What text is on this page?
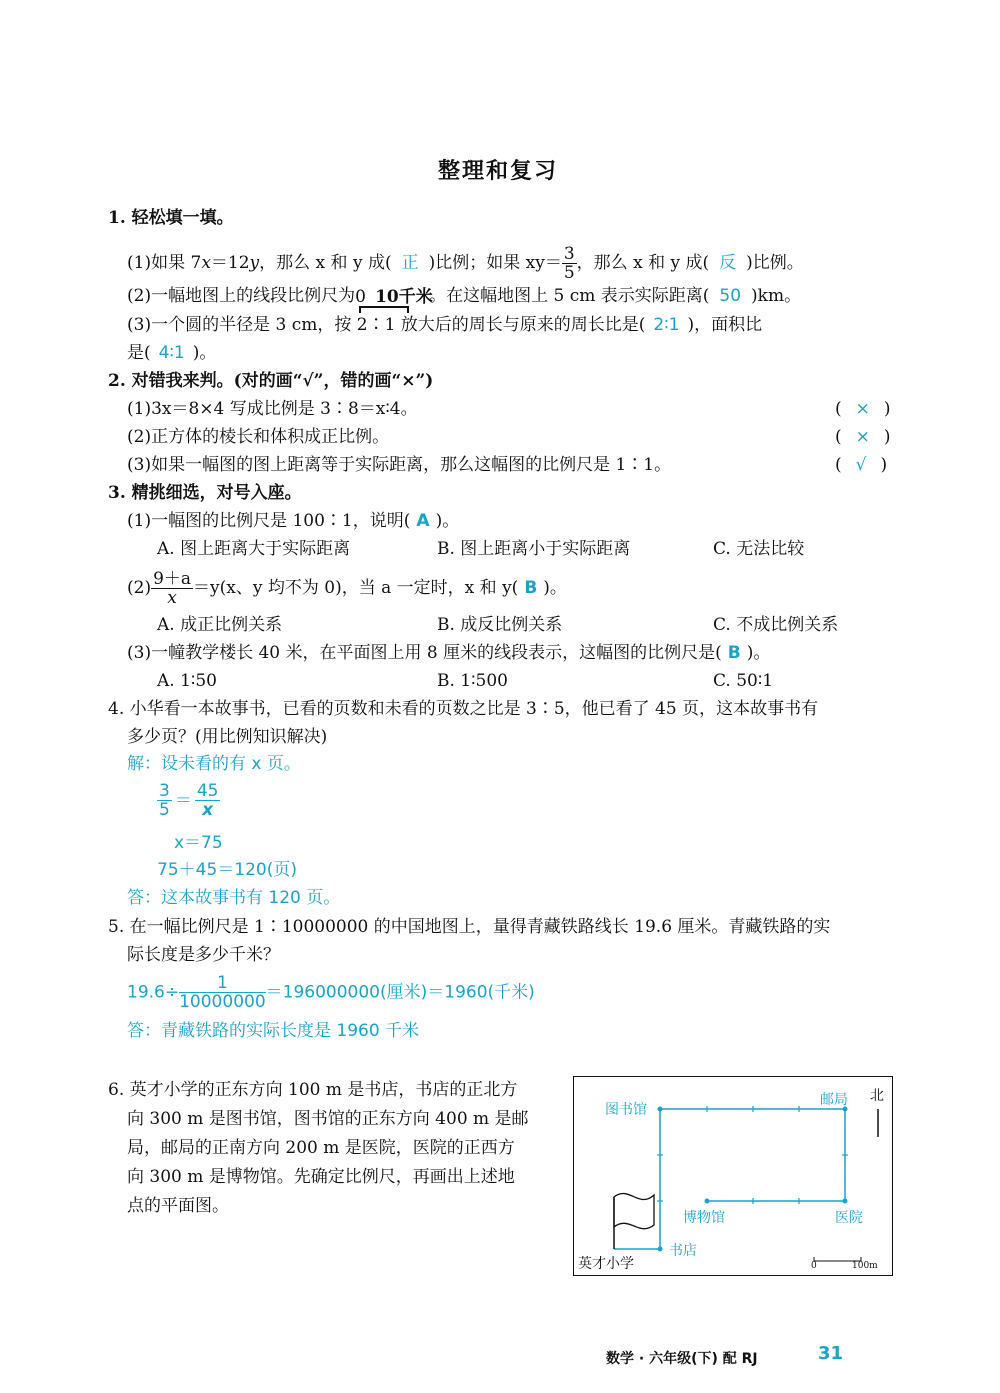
整理和复习
1. 轻松填一填。
(1)如果 7x＝12y，那么 x 和 y 成( 正 )比例；如果 $xy= \frac{3}{5}$ ，那么 x 和 y 成( 反 )比例。
(2)一幅地图上的线段比例尺为 0 10千米
。在这幅地图上 5 cm 表示实际距离( 50 )km。
(3)一个圆的半径是 3 cm，按 2∶1 放大后的周长与原来的周长比是( 2∶1 )，面积比
是( 4∶1 )。
2. 对错我来判。(对的画“√”，错的画“×”)
(1)3x＝8×4 写成比例是 3∶8＝x∶4。	( × )
(2)正方体的棱长和体积成正比例。	( × )
(3)如果一幅图的图上距离等于实际距离，那么这幅图的比例尺是 1∶1。	( √ )
3. 精挑细选，对号入座。
(1)一幅图的比例尺是 100∶1，说明( A )。
A. 图上距离大于实际距离	B. 图上距离小于实际距离	C. 无法比较
$(2) \frac{9+a}{x} =y(x$、y 均不为 0)，当 a 一定时，x 和 y( B )。
A. 成正比例关系	B. 成反比例关系	C. 不成比例关系
(3)一幢教学楼长 40 米，在平面图上用 8 厘米的线段表示，这幅图的比例尺是( B )。
A. 1∶50	B. 1∶500	C. 50∶1
4. 小华看一本故事书，已看的页数和未看的页数之比是 3∶5，他已看了 45 页，这本故事书有
多少页？(用比例知识解决)
解：设未看的有 x 页。
$\frac{3}{5} = \frac{45}{x}$
x＝75
75＋45＝120(页)
答：这本故事书有 120 页。
5. 在一幅比例尺是 1∶10000000 的中国地图上，量得青藏铁路线长 19.6 厘米。青藏铁路的实
际长度是多少千米？
$19.6\div \frac{1}{10000000} =196000000$(厘米)＝1960(千米)
答：青藏铁路的实际长度是 1960 千米
6. 英才小学的正东方向 100 m 是书店，书店的正北方
向 300 m 是图书馆，图书馆的正东方向 400 m 是邮
局，邮局的正南方向 200 m 是医院，医院的正西方
向 300 m 是博物馆。先确定比例尺，再画出上述地
点的平面图。
图书馆
邮局 北
博物馆	医院
书店
英才小学	0	100m
数学 · 六年级(下) 配 RJ	31
